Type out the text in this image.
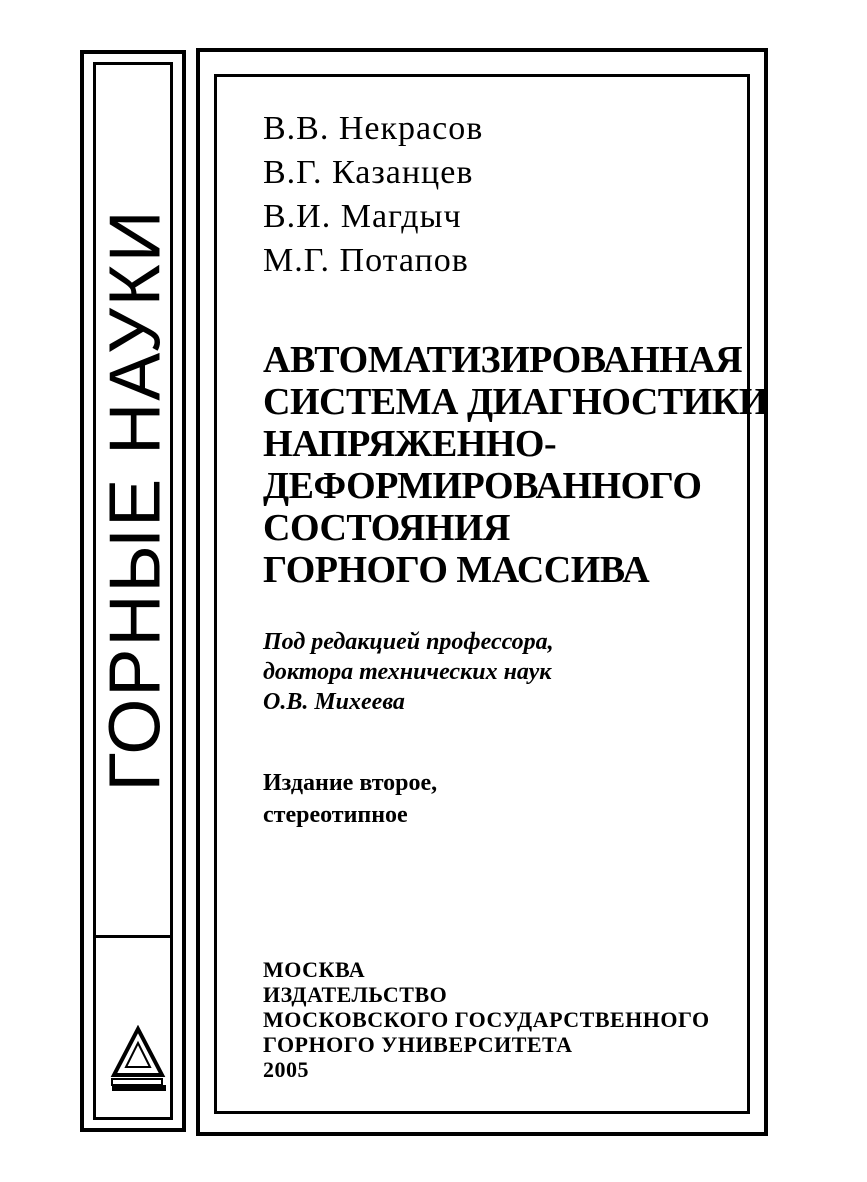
ГОРНЫЕ НАУКИ
В.В. Некрасов
В.Г. Казанцев
В.И. Магдыч
М.Г. Потапов
АВТОМАТИЗИРОВАННАЯ
СИСТЕМА ДИАГНОСТИКИ
НАПРЯЖЕННО-
ДЕФОРМИРОВАННОГО
СОСТОЯНИЯ
ГОРНОГО МАССИВА
Под редакцией профессора,
доктора технических наук
О.В. Михеева
Издание второе,
стереотипное
МОСКВА
ИЗДАТЕЛЬСТВО
МОСКОВСКОГО ГОСУДАРСТВЕННОГО
ГОРНОГО УНИВЕРСИТЕТА
2005
